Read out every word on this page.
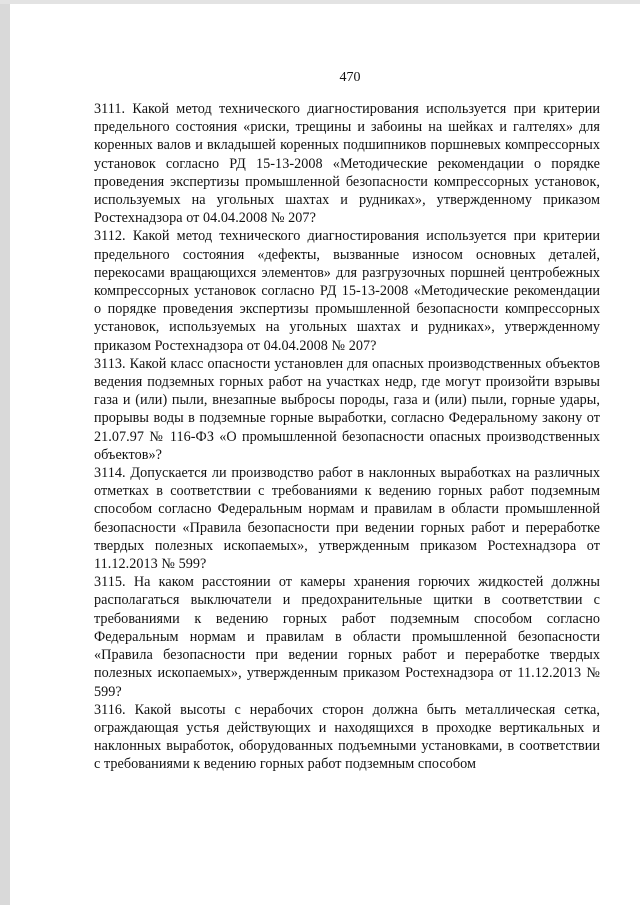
470

3111. Какой метод технического диагностирования используется при критерии предельного состояния «риски, трещины и забоины на шейках и галтелях» для коренных валов и вкладышей коренных подшипников поршневых компрессорных установок согласно РД 15-13-2008 «Методические рекомендации о порядке проведения экспертизы промышленной безопасности компрессорных установок, используемых на угольных шахтах и рудниках», утвержденному приказом Ростехнадзора от 04.04.2008 № 207?

3112. Какой метод технического диагностирования используется при критерии предельного состояния «дефекты, вызванные износом основных деталей, перекосами вращающихся элементов» для разгрузочных поршней центробежных компрессорных установок согласно РД 15-13-2008 «Методические рекомендации о порядке проведения экспертизы промышленной безопасности компрессорных установок, используемых на угольных шахтах и рудниках», утвержденному приказом Ростехнадзора от 04.04.2008 № 207?

3113. Какой класс опасности установлен для опасных производственных объектов ведения подземных горных работ на участках недр, где могут произойти взрывы газа и (или) пыли, внезапные выбросы породы, газа и (или) пыли, горные удары, прорывы воды в подземные горные выработки, согласно Федеральному закону от 21.07.97 № 116-ФЗ «О промышленной безопасности опасных производственных объектов»?

3114. Допускается ли производство работ в наклонных выработках на различных отметках в соответствии с требованиями к ведению горных работ подземным способом согласно Федеральным нормам и правилам в области промышленной безопасности «Правила безопасности при ведении горных работ и переработке твердых полезных ископаемых», утвержденным приказом Ростехнадзора от 11.12.2013 № 599?

3115. На каком расстоянии от камеры хранения горючих жидкостей должны располагаться выключатели и предохранительные щитки в соответствии с требованиями к ведению горных работ подземным способом согласно Федеральным нормам и правилам в области промышленной безопасности «Правила безопасности при ведении горных работ и переработке твердых полезных ископаемых», утвержденным приказом Ростехнадзора от 11.12.2013 № 599?

3116. Какой высоты с нерабочих сторон должна быть металлическая сетка, ограждающая устья действующих и находящихся в проходке вертикальных и наклонных выработок, оборудованных подъемными установками, в соответствии с требованиями к ведению горных работ подземным способом
